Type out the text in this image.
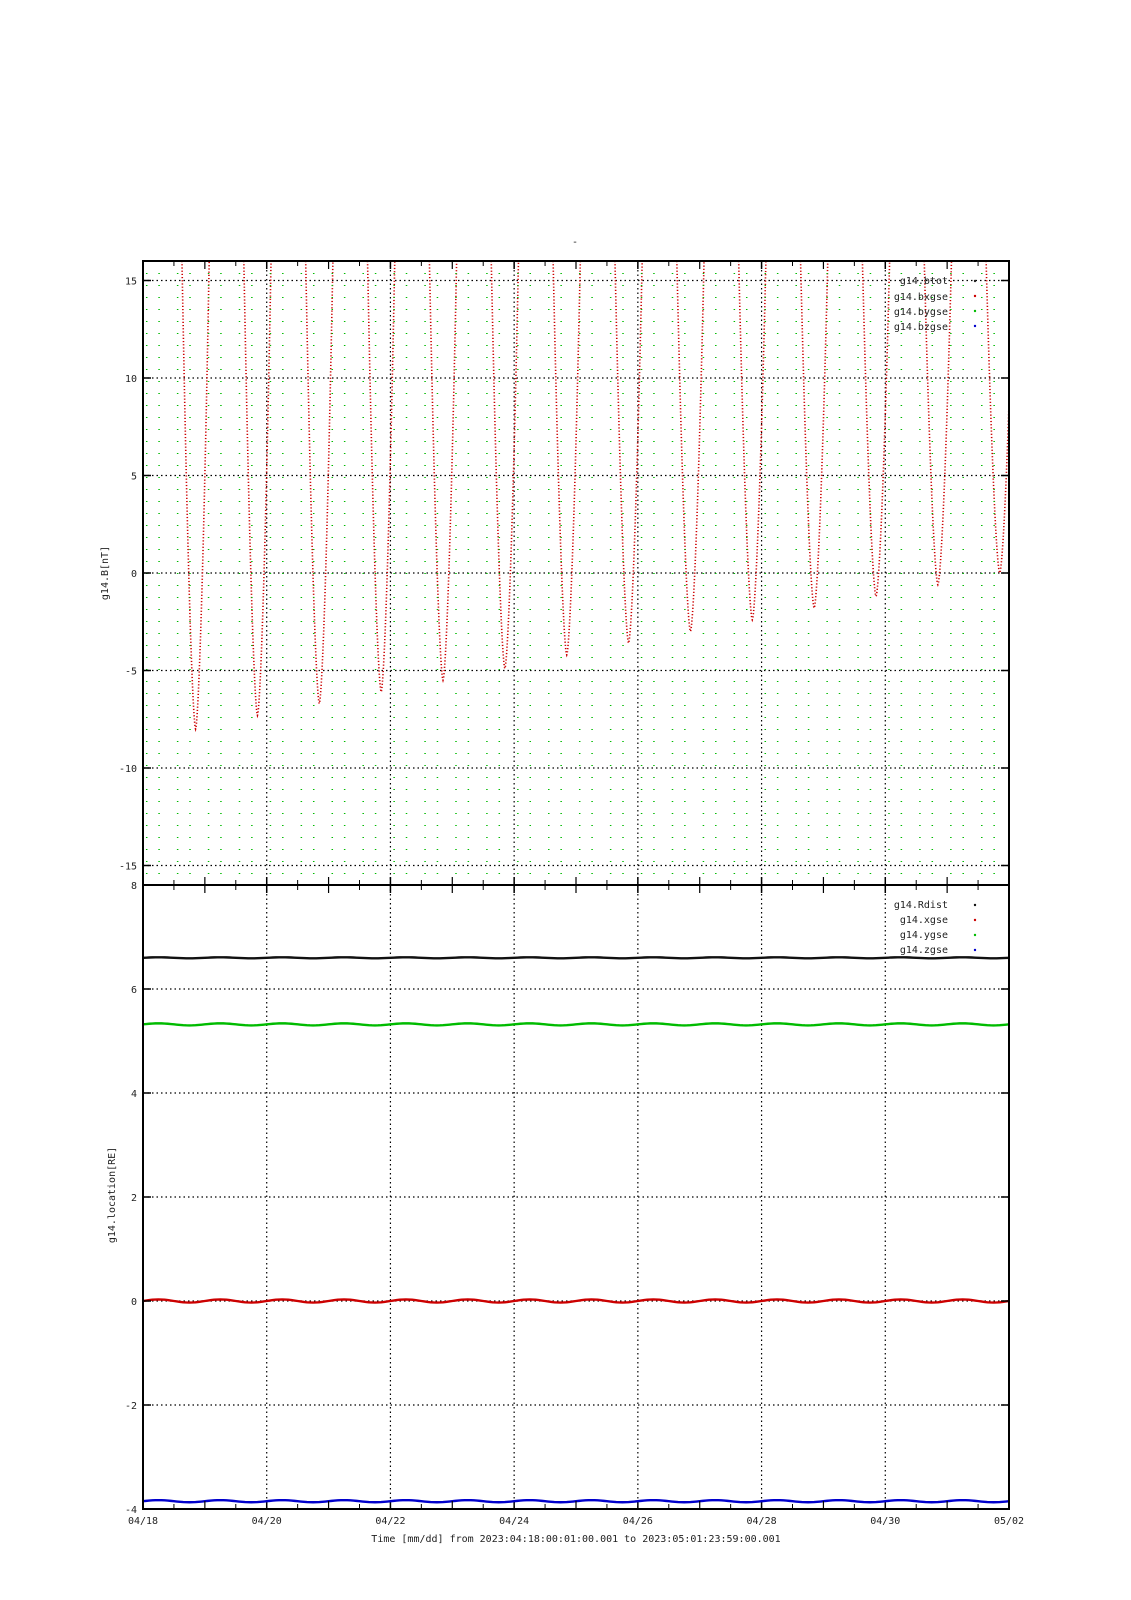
-
15
10
5
0
-5
-10
-15
g14.B[nT]
g14.btot
g14.bxgse
g14.bygse
g14.bzgse
8
6
4
2
0
-2
-4
g14.location[RE]
g14.Rdist
g14.xgse
g14.ygse
g14.zgse
04/18	04/20	04/22	04/24	04/26	04/28	04/30	05/02
Time [mm/dd] from 2023:04:18:00:01:00.001 to 2023:05:01:23:59:00.001
